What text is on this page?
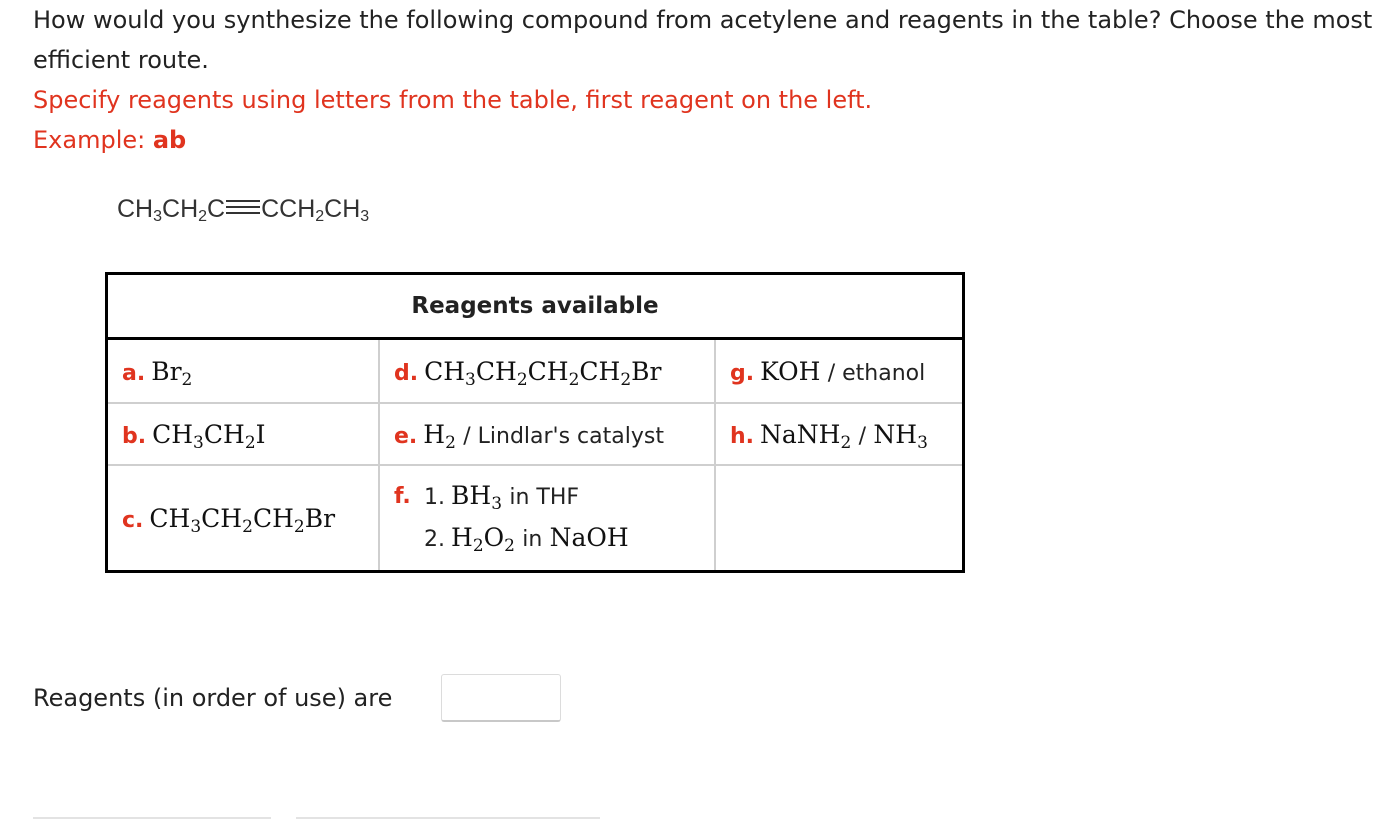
How would you synthesize the following compound from acetylene and reagents in the table? Choose the most efficient route.
Specify reagents using letters from the table, first reagent on the left.
Example: ab
$CH_3CH_2C$ $CCH_2CH_3$
Reagents available		
a. $Br_2$	d. $CH_3CH_2CH_2CH_2Br$	g. KOH / ethanol
b. $CH_3CH_2I$	e. $H_2$ / Lindlar's catalyst	h. NaNH$_2$ / $NH_3$
c. $CH_3CH_2CH_2Br$	f. 1. $BH_3$ in THF
2. $H_2O_2$ in NaOH	

Reagents (in order of use) are
